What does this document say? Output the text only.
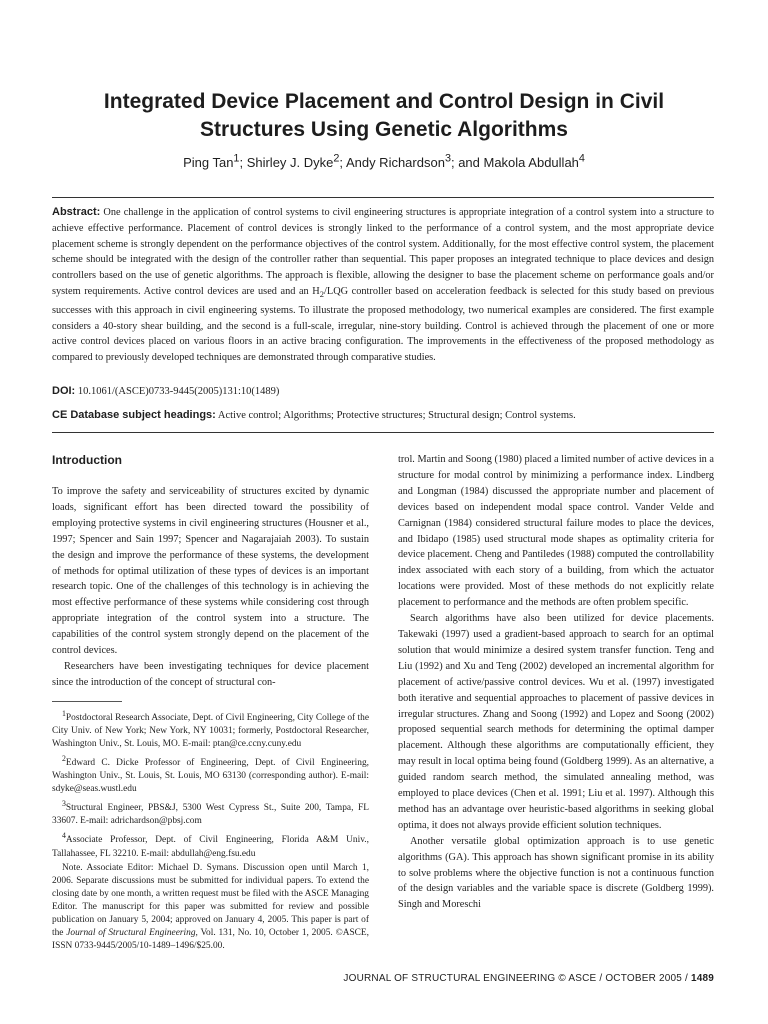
Integrated Device Placement and Control Design in Civil
Structures Using Genetic Algorithms
Ping Tan$^1$; Shirley J. Dyke$^2$; Andy Richardson$^3$; and Makola Abdullah$^4$

Abstract: One challenge in the application of control systems to civil engineering structures is appropriate integration of a control system into a structure to achieve effective performance. Placement of control devices is strongly linked to the performance of a control system, and the most appropriate device placement scheme is strongly dependent on the performance objectives of the control system. Additionally, for the most effective control system, the placement scheme should be integrated with the design of the controller rather than sequential. This paper proposes an integrated technique to place devices and design controllers based on the use of genetic algorithms. The approach is flexible, allowing the designer to base the placement scheme on performance goals and/or system requirements. Active control devices are used and an $H_2$/LQG controller based on acceleration feedback is selected for this study based on previous successes with this approach in civil engineering systems. To illustrate the proposed methodology, two numerical examples are considered. The first example considers a 40-story shear building, and the second is a full-scale, irregular, nine-story building. Control is achieved through the placement of one or more active control devices placed on various floors in an active bracing configuration. The improvements in the effectiveness of the proposed methodology as compared to previously developed techniques are demonstrated through comparative studies.

DOI: 10.1061/(ASCE)0733-9445(2005)131:10(1489)
CE Database subject headings: Active control; Algorithms; Protective structures; Structural design; Control systems.
Introduction

To improve the safety and serviceability of structures excited by dynamic loads, significant effort has been directed toward the possibility of employing protective systems in civil engineering structures (Housner et al., 1997; Spencer and Sain 1997; Spencer and Nagarajaiah 2003). To sustain the design and improve the performance of these systems, the development of methods for optimal utilization of these types of devices is an important research topic. One of the challenges of this technology is in achieving the most effective performance of these systems while considering cost through appropriate integration of the control system into a structure. The capabilities of the control system strongly depend on the placement of the control devices.

Researchers have been investigating techniques for device placement since the introduction of the concept of structural con-

$^1$Postdoctoral Research Associate, Dept. of Civil Engineering, City College of the City Univ. of New York; New York, NY 10031; formerly, Postdoctoral Researcher, Washington Univ., St. Louis, MO. E-mail: ptan@ce.ccny.cuny.edu

$^2$Edward C. Dicke Professor of Engineering, Dept. of Civil Engineering, Washington Univ., St. Louis, St. Louis, MO 63130 (corresponding author). E-mail: sdyke@seas.wustl.edu

$^3$Structural Engineer, PBS&J, 5300 West Cypress St., Suite 200, Tampa, FL 33607. E-mail: adrichardson@pbsj.com

$^4$Associate Professor, Dept. of Civil Engineering, Florida A&M Univ., Tallahassee, FL 32210. E-mail: abdullah@eng.fsu.edu

Note. Associate Editor: Michael D. Symans. Discussion open until March 1, 2006. Separate discussions must be submitted for individual papers. To extend the closing date by one month, a written request must be filed with the ASCE Managing Editor. The manuscript for this paper was submitted for review and possible publication on January 5, 2004; approved on January 4, 2005. This paper is part of the Journal of Structural Engineering, Vol. 131, No. 10, October 1, 2005. ©ASCE, ISSN 0733-9445/2005/10-1489–1496/$25.00.

trol. Martin and Soong (1980) placed a limited number of active devices in a structure for modal control by minimizing a performance index. Lindberg and Longman (1984) discussed the appropriate number and placement of devices based on independent modal space control. Vander Velde and Carnignan (1984) considered structural failure modes to place the devices, and Ibidapo (1985) used structural mode shapes as optimality criteria for device placement. Cheng and Pantiledes (1988) computed the controllability index associated with each story of a building, from which the actuator locations were provided. Most of these methods do not explicitly relate placement to performance and the methods are often problem specific.

Search algorithms have also been utilized for device placements. Takewaki (1997) used a gradient-based approach to search for an optimal solution that would minimize a desired system transfer function. Teng and Liu (1992) and Xu and Teng (2002) developed an incremental algorithm for placement of active/passive control devices. Wu et al. (1997) investigated both iterative and sequential approaches to placement of passive devices in irregular structures. Zhang and Soong (1992) and Lopez and Soong (2002) proposed sequential search methods for determining the optimal damper placement. Although these algorithms are computationally efficient, they may result in local optima being found (Goldberg 1999). As an alternative, a guided random search method, the simulated annealing method, was employed to place devices (Chen et al. 1991; Liu et al. 1997). Although this method has an advantage over heuristic-based algorithms in seeking global optima, it does not always provide efficient solution techniques.

Another versatile global optimization approach is to use genetic algorithms (GA). This approach has shown significant promise in its ability to solve problems where the objective function is not a continuous function of the design variables and the variable space is discrete (Goldberg 1999). Singh and Moreschi

JOURNAL OF STRUCTURAL ENGINEERING © ASCE / OCTOBER 2005 / 1489
